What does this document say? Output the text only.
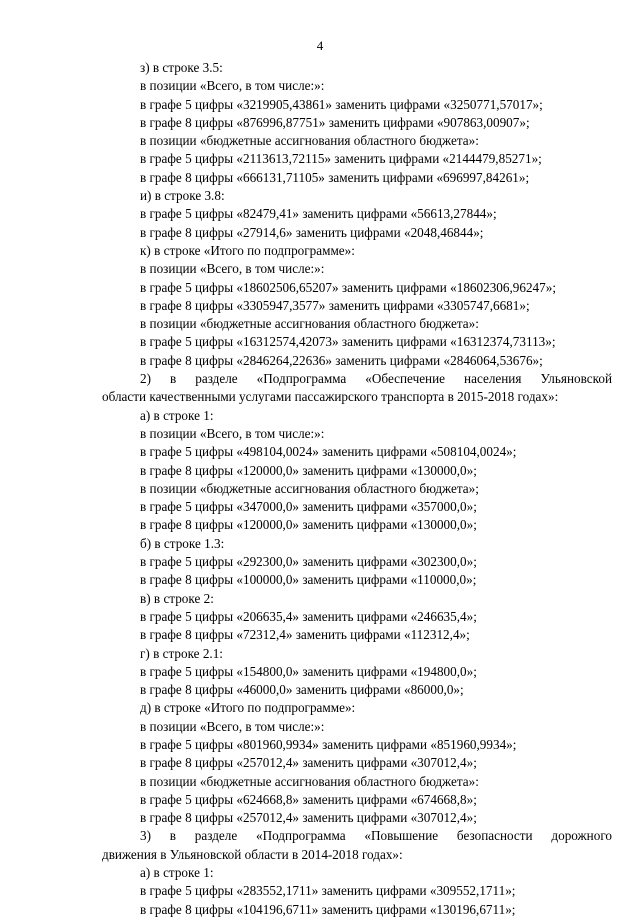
4
з) в строке 3.5:
в позиции «Всего, в том числе:»:
в графе 5 цифры «3219905,43861» заменить цифрами «3250771,57017»;
в графе 8 цифры «876996,87751» заменить цифрами «907863,00907»;
в позиции «бюджетные ассигнования областного бюджета»:
в графе 5 цифры «2113613,72115» заменить цифрами «2144479,85271»;
в графе 8 цифры «666131,71105» заменить цифрами «696997,84261»;
и) в строке 3.8:
в графе 5 цифры «82479,41» заменить цифрами «56613,27844»;
в графе 8 цифры «27914,6» заменить цифрами «2048,46844»;
к) в строке «Итого по подпрограмме»:
в позиции «Всего, в том числе:»:
в графе 5 цифры «18602506,65207» заменить цифрами «18602306,96247»;
в графе 8 цифры «3305947,3577» заменить цифрами «3305747,6681»;
в позиции «бюджетные ассигнования областного бюджета»:
в графе 5 цифры «16312574,42073» заменить цифрами «16312374,73113»;
в графе 8 цифры «2846264,22636» заменить цифрами «2846064,53676»;
2) в разделе «Подпрограмма «Обеспечение населения Ульяновской
области качественными услугами пассажирского транспорта в 2015-2018 годах»:
а) в строке 1:
в позиции «Всего, в том числе:»:
в графе 5 цифры «498104,0024» заменить цифрами «508104,0024»;
в графе 8 цифры «120000,0» заменить цифрами «130000,0»;
в позиции «бюджетные ассигнования областного бюджета»;
в графе 5 цифры «347000,0» заменить цифрами «357000,0»;
в графе 8 цифры «120000,0» заменить цифрами «130000,0»;
б) в строке 1.3:
в графе 5 цифры «292300,0» заменить цифрами «302300,0»;
в графе 8 цифры «100000,0» заменить цифрами «110000,0»;
в) в строке 2:
в графе 5 цифры «206635,4» заменить цифрами «246635,4»;
в графе 8 цифры «72312,4» заменить цифрами «112312,4»;
г) в строке 2.1:
в графе 5 цифры «154800,0» заменить цифрами «194800,0»;
в графе 8 цифры «46000,0» заменить цифрами «86000,0»;
д) в строке «Итого по подпрограмме»:
в позиции «Всего, в том числе:»:
в графе 5 цифры «801960,9934» заменить цифрами «851960,9934»;
в графе 8 цифры «257012,4» заменить цифрами «307012,4»;
в позиции «бюджетные ассигнования областного бюджета»:
в графе 5 цифры «624668,8» заменить цифрами «674668,8»;
в графе 8 цифры «257012,4» заменить цифрами «307012,4»;
3) в разделе «Подпрограмма «Повышение безопасности дорожного
движения в Ульяновской области в 2014-2018 годах»:
а) в строке 1:
в графе 5 цифры «283552,1711» заменить цифрами «309552,1711»;
в графе 8 цифры «104196,6711» заменить цифрами «130196,6711»;
